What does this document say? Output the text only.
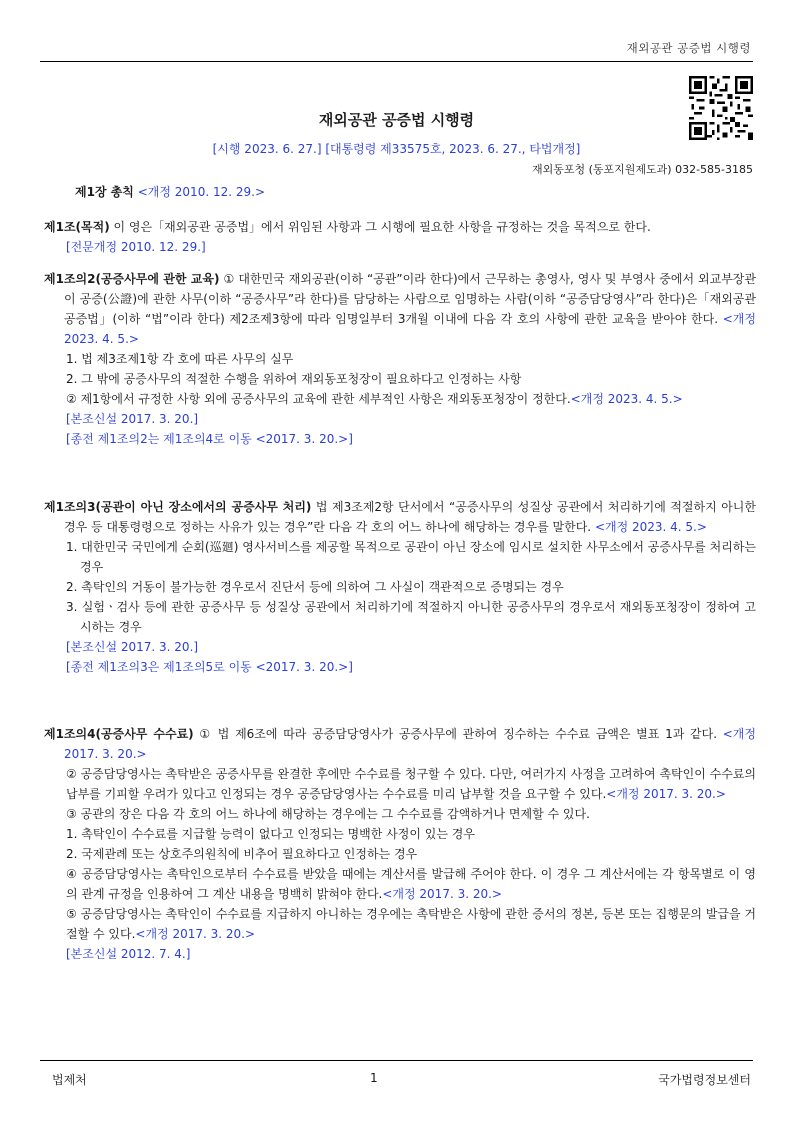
재외공관 공증법 시행령
재외공관 공증법 시행령
[시행 2023. 6. 27.] [대통령령 제33575호, 2023. 6. 27., 타법개정]
재외동포청 (동포지원제도과) 032-585-3185
제1장 총칙 <개정 2010. 12. 29.>

제1조(목적) 이 영은「재외공관 공증법」에서 위임된 사항과 그 시행에 필요한 사항을 규정하는 것을 목적으로 한다.

[전문개정 2010. 12. 29.]

제1조의2(공증사무에 관한 교육) ① 대한민국 재외공관(이하 “공관”이라 한다)에서 근무하는 총영사, 영사 및 부영사 중에서 외교부장관이 공증(公證)에 관한 사무(이하 “공증사무”라 한다)를 담당하는 사람으로 임명하는 사람(이하 “공증담당영사”라 한다)은「재외공관 공증법」(이하 “법”이라 한다) 제2조제3항에 따라 임명일부터 3개월 이내에 다음 각 호의 사항에 관한 교육을 받아야 한다. <개정 2023. 4. 5.>

1. 법 제3조제1항 각 호에 따른 사무의 실무

2. 그 밖에 공증사무의 적절한 수행을 위하여 재외동포청장이 필요하다고 인정하는 사항

② 제1항에서 규정한 사항 외에 공증사무의 교육에 관한 세부적인 사항은 재외동포청장이 정한다.<개정 2023. 4. 5.>

[본조신설 2017. 3. 20.]

[종전 제1조의2는 제1조의4로 이동 <2017. 3. 20.>]

제1조의3(공관이 아닌 장소에서의 공증사무 처리) 법 제3조제2항 단서에서 “공증사무의 성질상 공관에서 처리하기에 적절하지 아니한 경우 등 대통령령으로 정하는 사유가 있는 경우”란 다음 각 호의 어느 하나에 해당하는 경우를 말한다. <개정 2023. 4. 5.>

1. 대한민국 국민에게 순회(巡廻) 영사서비스를 제공할 목적으로 공관이 아닌 장소에 임시로 설치한 사무소에서 공증사무를 처리하는 경우

2. 촉탁인의 거동이 불가능한 경우로서 진단서 등에 의하여 그 사실이 객관적으로 증명되는 경우

3. 실험ㆍ검사 등에 관한 공증사무 등 성질상 공관에서 처리하기에 적절하지 아니한 공증사무의 경우로서 재외동포청장이 정하여 고시하는 경우

[본조신설 2017. 3. 20.]

[종전 제1조의3은 제1조의5로 이동 <2017. 3. 20.>]

제1조의4(공증사무 수수료) ① 법 제6조에 따라 공증담당영사가 공증사무에 관하여 징수하는 수수료 금액은 별표 1과 같다. <개정 2017. 3. 20.>

② 공증담당영사는 촉탁받은 공증사무를 완결한 후에만 수수료를 청구할 수 있다. 다만, 여러가지 사정을 고려하여 촉탁인이 수수료의 납부를 기피할 우려가 있다고 인정되는 경우 공증담당영사는 수수료를 미리 납부할 것을 요구할 수 있다.<개정 2017. 3. 20.>

③ 공관의 장은 다음 각 호의 어느 하나에 해당하는 경우에는 그 수수료를 감액하거나 면제할 수 있다.

1. 촉탁인이 수수료를 지급할 능력이 없다고 인정되는 명백한 사정이 있는 경우

2. 국제관례 또는 상호주의원칙에 비추어 필요하다고 인정하는 경우

④ 공증담당영사는 촉탁인으로부터 수수료를 받았을 때에는 계산서를 발급해 주어야 한다. 이 경우 그 계산서에는 각 항목별로 이 영의 관계 규정을 인용하여 그 계산 내용을 명백히 밝혀야 한다.<개정 2017. 3. 20.>

⑤ 공증담당영사는 촉탁인이 수수료를 지급하지 아니하는 경우에는 촉탁받은 사항에 관한 증서의 정본, 등본 또는 집행문의 발급을 거절할 수 있다.<개정 2017. 3. 20.>

[본조신설 2012. 7. 4.]

법제처	1	국가법령정보센터
